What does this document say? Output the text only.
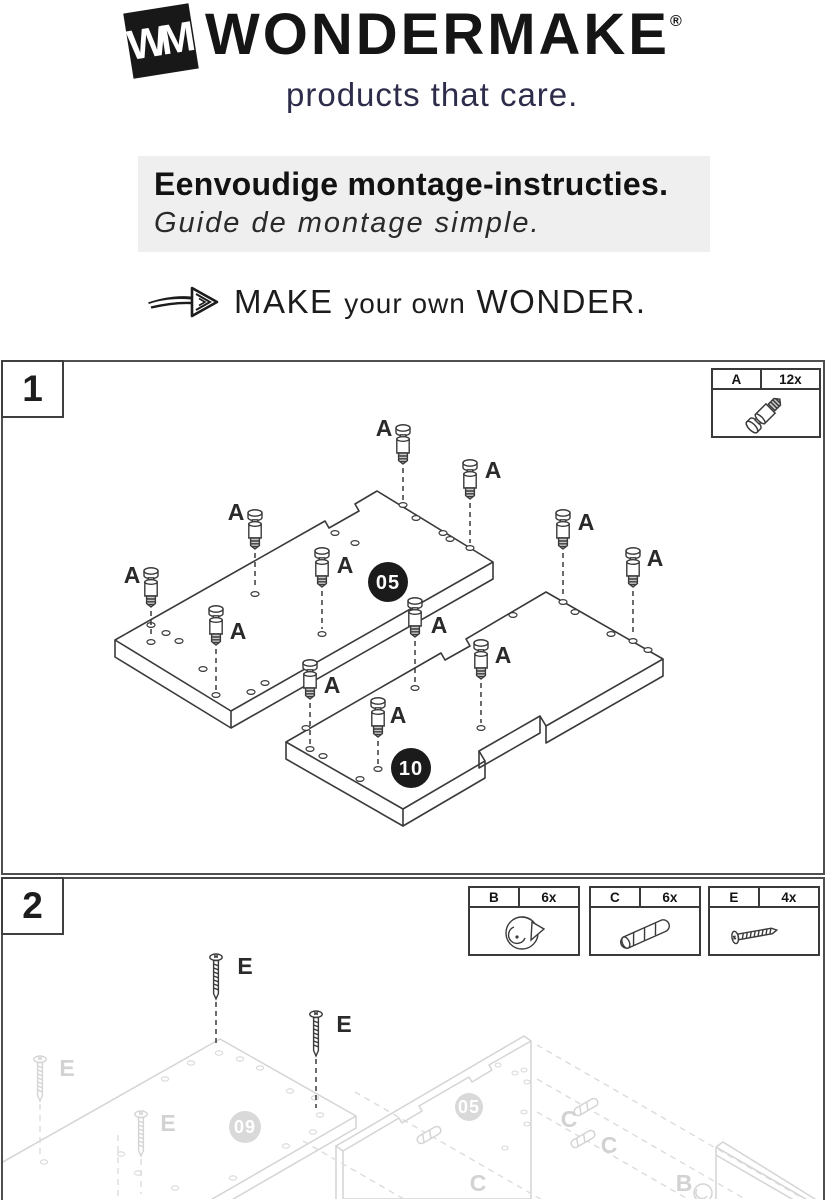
WM WONDERMAKE®
products that care.
Eenvoudige montage-instructies.
Guide de montage simple.
MAKE your own WONDER.
1	A	12x
05
10
A
A
A
A	A
A	A
A
A
A
A
A
2	B	6x	C	6x	E	4x
09
05	C
C
C	B
E
E
E
E
